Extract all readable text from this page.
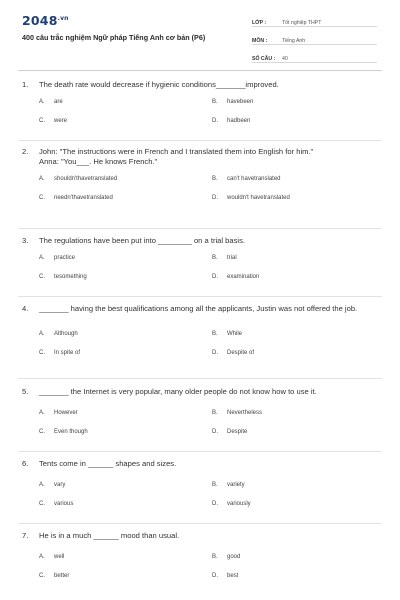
$2048^{.vn}$
400 câu trắc nghiệm Ngữ pháp Tiếng Anh cơ bản (P6)
LỚP :	Tốt nghiệp THPT
MÔN :	Tiếng Anh
SỐ CÂU :	40
1.	The death rate would decrease if hygienic conditions_______improved.
A.	are	B.	havebeen
C.	were	D.	hadbeen
2.	John: "The instructions were in French and I translated them into English for him."
Anna: "You___. He knows French."
A.	shouldn'thavetranslated	B.	can't havetranslated
C.	needn'thavetranslated	D.	wouldn't havetranslated
3.	The regulations have been put into ________ on a trial basis.
A.	practice	B.	trial
C.	tesomething	D.	examination
4.	_______ having the best qualifications among all the applicants, Justin was not offered the job.
A.	Although	B.	While
C.	In spite of	D.	Despite of
5.	_______ the Internet is very popular, many older people do not know how to use it.
A.	However	B.	Nevertheless
C.	Even though	D.	Despite
6.	Tents come in ______ shapes and sizes.
A.	vary	B.	variety
C.	various	D.	variously
7.	He is in a much ______ mood than usual.
A.	well	B.	good
C.	better	D.	best
